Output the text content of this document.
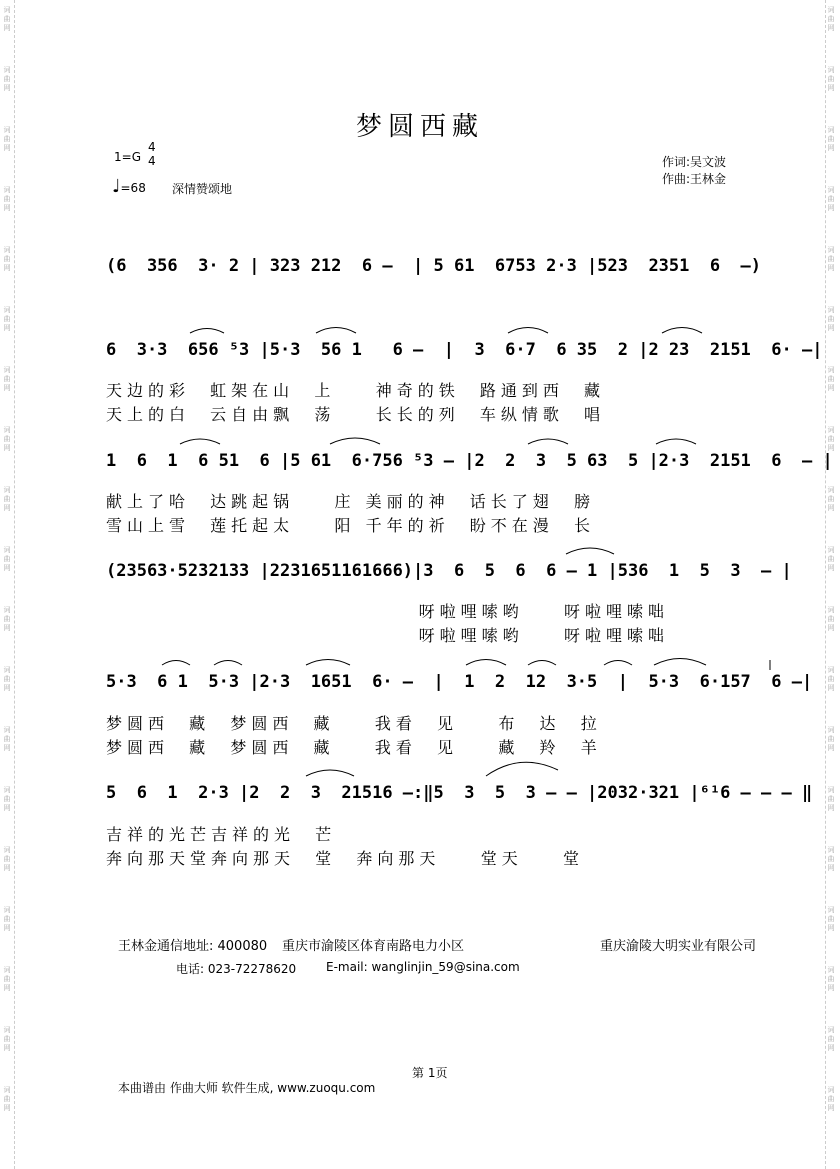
词
曲
网
词
曲
网
词
曲
网
词
曲
网
词
曲
网
词
曲
网
词
曲
网
词
曲
网
词
曲
网
词
曲
网
词
曲
网
词
曲
网
词
曲
网
词
曲
网
词
曲
网
词
曲
网
词
曲
网
词
曲
网
词
曲
网
词
曲
网
词
曲
网
词
曲
网
词
曲
网
词
曲
网
词
曲
网
词
曲
网
词
曲
网
词
曲
网
词
曲
网
词
曲
网
词
曲
网
词
曲
网
词
曲
网
词
曲
网
词
曲
网
词
曲
网
词
曲
网
词
曲
网
梦圆西藏
1=G
4
4
♩=68 深情赞颂地
作词:吴文波
作曲:王林金
(6  356  3· 2 | 323 212  6 –  | 5 61  6753 2·3 |523  2351  6  –)
6  3·3  656 ⁵3 |5·3  56 1   6 –  |  3  6·7  6 35  2 |2 23  2151  6· –|
天边的彩  虹架在山  上    神奇的铁  路通到西  藏
天上的白  云自由飘  荡    长长的列  车纵情歌  唱
1  6  1  6 51  6 |5 61  6·756 ⁵3 – |2  2  3  5 63  5 |2·3  2151  6  – |
献上了哈  达跳起锅    庄 美丽的神  话长了翅  膀
雪山上雪  莲托起太    阳 千年的祈  盼不在漫  长
(23563·5232133 |2231651161666)|3  6  5  6  6 – 1 |536  1  5  3  – |
呀啦哩嗦哟    呀啦哩嗦咄
呀啦哩嗦哟    呀啦哩嗦咄
5·3  6 1  5·3 |2·3  1651  6· –  |  1  2  12  3·5  |  5·3  6·157  6 –|
梦圆西  藏  梦圆西  藏    我看  见    布  达  拉
梦圆西  藏  梦圆西  藏    我看  见    藏  羚  羊
5  6  1  2·3 |2  2  3  21516 –:‖5  3  5  3 – – |2032·321 |⁶¹6 – – – ‖
吉祥的光芒吉祥的光  芒
奔向那天堂奔向那天  堂  奔向那天    堂天    堂
王林金通信地址: 400080 重庆市渝陵区体育南路电力小区	重庆渝陵大明实业有限公司
电话: 023-72278620 E-mail: wanglinjin_59@sina.com
第 1页
本曲谱由 作曲大师 软件生成, www.zuoqu.com
